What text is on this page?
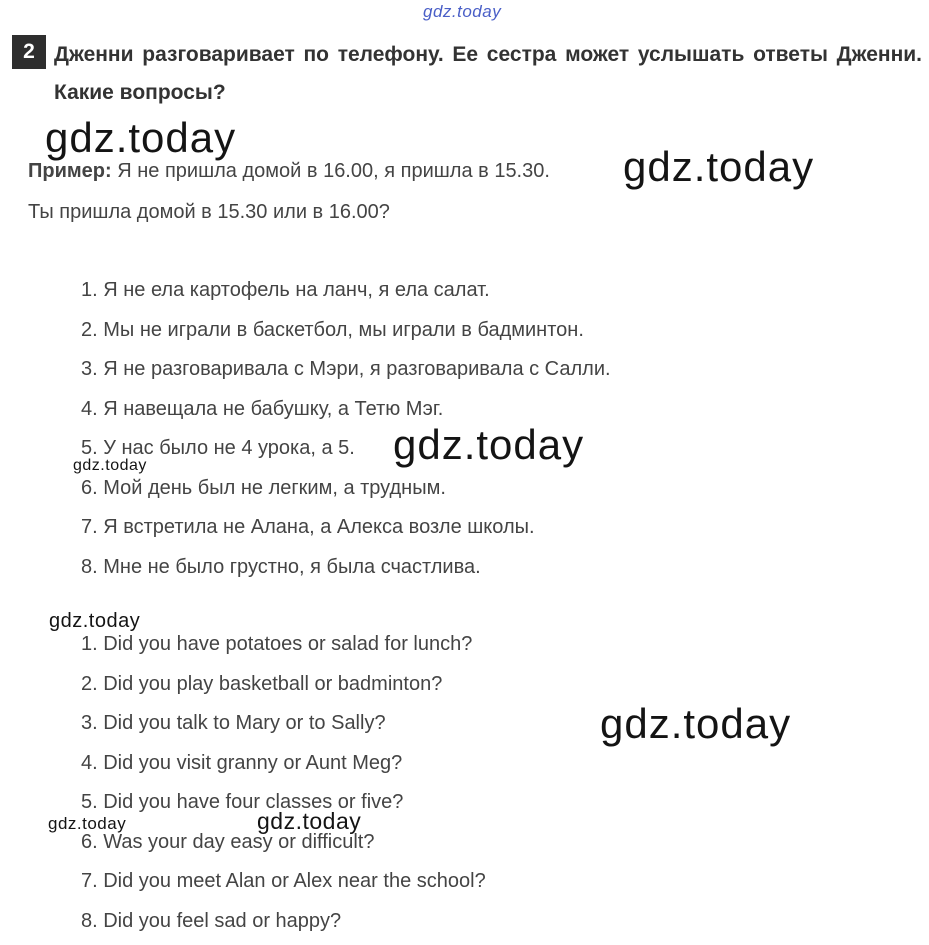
gdz.today
2 Дженни разговаривает по телефону. Ее сестра может услышать ответы Дженни. Какие вопросы?
gdz.today
Пример: Я не пришла домой в 16.00, я пришла в 15.30. gdz.today
Ты пришла домой в 15.30 или в 16.00?
1. Я не ела картофель на ланч, я ела салат.
2. Мы не играли в баскетбол, мы играли в бадминтон.
3. Я не разговаривала с Мэри, я разговаривала с Салли.
4. Я навещала не бабушку, а Тетю Мэг.
5. У нас было не 4 урока, а 5.
6. Мой день был не легким, а трудным.
7. Я встретила не Алана, а Алекса возле школы.
8. Мне не было грустно, я была счастлива.
gdz.today
gdz.today
gdz.today
1. Did you have potatoes or salad for lunch?
2. Did you play basketball or badminton?
3. Did you talk to Mary or to Sally?
4. Did you visit granny or Aunt Meg?
5. Did you have four classes or five?
6. Was your day easy or difficult?
7. Did you meet Alan or Alex near the school?
8. Did you feel sad or happy?
gdz.today
gdz.today	gdz.today
